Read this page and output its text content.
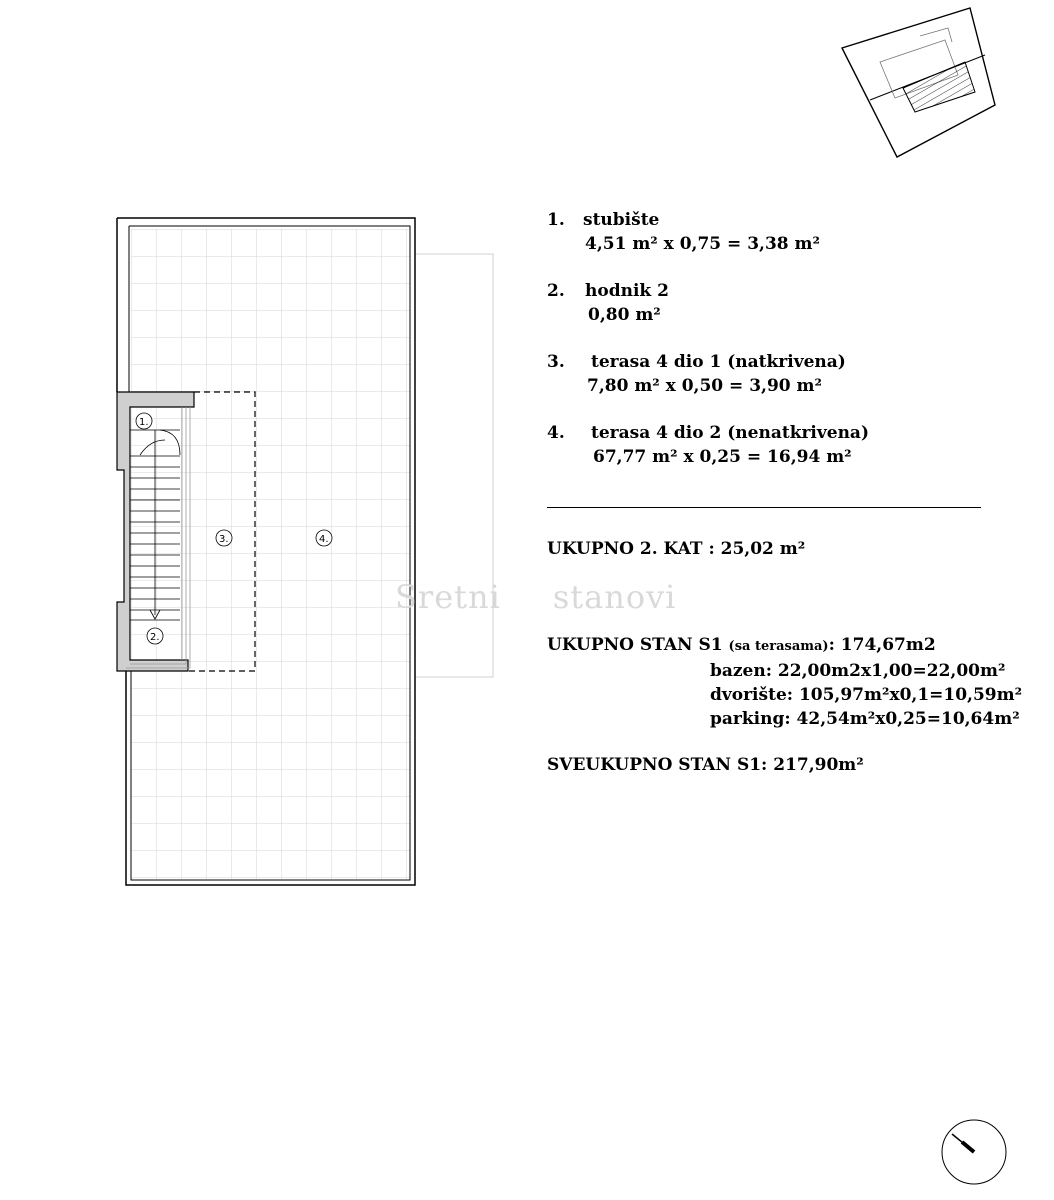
1.
2.
3.	4.
Sretni stanovi
1.	stubište
4,51 m² x 0,75 = 3,38 m²
2.	hodnik 2
0,80 m²
3.	terasa 4 dio 1 (natkrivena)
7,80 m² x 0,50 = 3,90 m²
4.	terasa 4 dio 2 (nenatkrivena)
67,77 m² x 0,25 = 16,94 m²
UKUPNO 2. KAT : 25,02 m²
UKUPNO STAN S1 (sa terasama): 174,67m2
bazen: 22,00m2x1,00=22,00m²
dvorište: 105,97m²x0,1=10,59m²
parking: 42,54m²x0,25=10,64m²
SVEUKUPNO STAN S1: 217,90m²
